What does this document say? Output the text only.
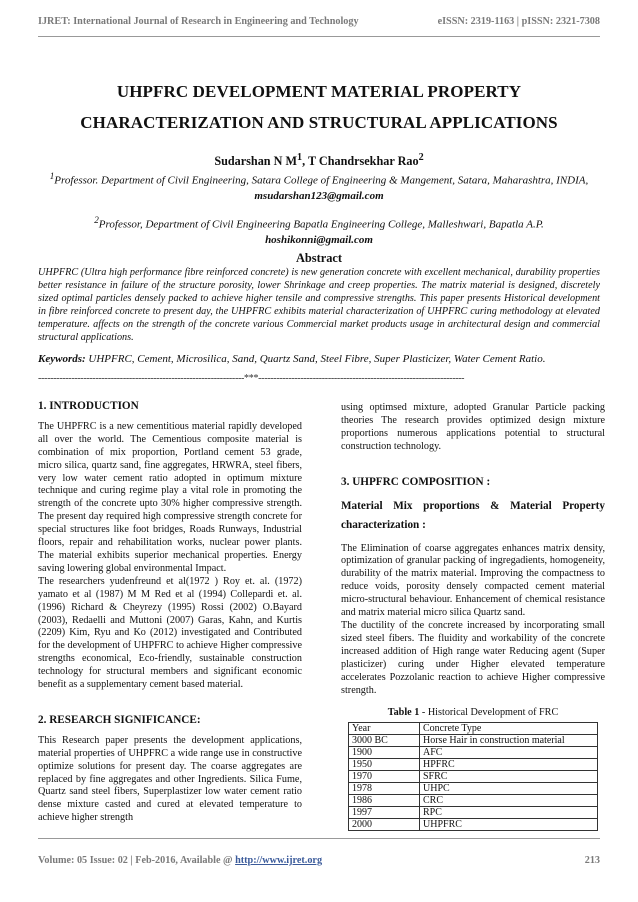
IJRET: International Journal of Research in Engineering and Technology	eISSN: 2319-1163 | pISSN: 2321-7308
UHPFRC DEVELOPMENT MATERIAL PROPERTY
CHARACTERIZATION AND STRUCTURAL APPLICATIONS
Sudarshan N $M^1$, T Chandrsekhar Rao$^2$
$^1$Professor. Department of Civil Engineering, Satara College of Engineering & Mangement, Satara, Maharashtra, INDIA,
msudarshan123@gmail.com
$^2$Professor, Department of Civil Engineering Bapatla Engineering College, Malleshwari, Bapatla A.P.
hoshikonni@gmail.com
Abstract
UHPFRC (Ultra high performance fibre reinforced concrete) is new generation concrete with excellent mechanical, durability properties better resistance in failure of the structure porosity, lower Shrinkage and creep properties. The matrix material is designed, discretely sized optimal particles densely packed to achieve higher tensile and compressive strengths. This paper presents Historical development in fibre reinforced concrete to present day, the UHPFRC exhibits material characterization of UHPFRC curing methodology at elevated temperature. affects on the strength of the concrete various Commercial market products usage in architectural design and commercial structural applications.
Keywords: UHPFRC, Cement, Microsilica, Sand, Quartz Sand, Steel Fibre, Super Plasticizer, Water Cement Ratio.
--------------------------------------------------------------------***--------------------------------------------------------------------
1. INTRODUCTION

The UHPFRC is a new cementitious material rapidly developed all over the world. The Cementious composite material is combination of mix proportion, Portland cement 53 grade, micro silica, quartz sand, fine aggregates, HRWRA, steel fibers, very low water cement ratio adopted in optimum mixture technique and curing regime play a vital role in promoting the strength of the concrete upto 30% higher compressive strength. The present day required high compressive strength concrete for special structures like foot bridges, Roads Runways, Industrial floors, repair and rehabilitation works, nuclear power plants. The material exhibits superior mechanical properties. Energy saving lowering global environmental Impact.

The researchers yudenfreund et al(1972 ) Roy et. al. (1972) yamato et al (1987) M M Red et al (1994) Collepardi et. al. (1996) Richard & Cheyrezy (1995) Rossi (2002) O.Bayard (2003), Redaelli and Muttoni (2007) Garas, Kahn, and Kurtis (2209) Kim, Ryu and Ko (2012) investigated and Contributed for the development of UHPFRC to achieve Higher compressive strengths economical, Eco-friendly, sustainable construction technology for structural members and significant economic benefit as a supplementary cement based material.

2. RESEARCH SIGNIFICANCE:

This Research paper presents the development applications, material properties of UHPFRC a wide range use in constructive optimize solutions for present day. The coarse aggregates are replaced by fine aggregates and other Ingredients. Silica Fume, Quartz sand steel fibers, Superplastizer low water cement ratio dense mixture casted and cured at elevated temperature to achieve higher strength

using optimsed mixture, adopted Granular Particle packing theories The research provides optimized design mixture proportions numerous applications potential to structural construction technology.

3. UHPFRC COMPOSITION :
Material Mix proportions & Material Property characterization :

The Elimination of coarse aggregates enhances matrix density, optimization of granular packing of ingregadients, homogeneity, durability of the matrix material. Improving the compactness to reduce voids, porosity densely compacted cement material micro-structural behaviour. Enhancement of chemical resistance and matrix material micro silica Quartz sand.

The ductility of the concrete increased by incorporating small sized steel fibers. The fluidity and workability of the concrete increased addition of High range water Reducing agent (Super plasticizer) curing under Higher elevated temperature accelerates Pozzolanic reaction to achieve Higher compressive strength.

Table 1 - Historical Development of FRC
Year	Concrete Type
3000 BC	Horse Hair in construction material
1900	AFC
1950	HPFRC
1970	SFRC
1978	UHPC
1986	CRC
1997	RPC
2000	UHPFRC
Volume: 05 Issue: 02 | Feb-2016, Available @ http://www.ijret.org	213
